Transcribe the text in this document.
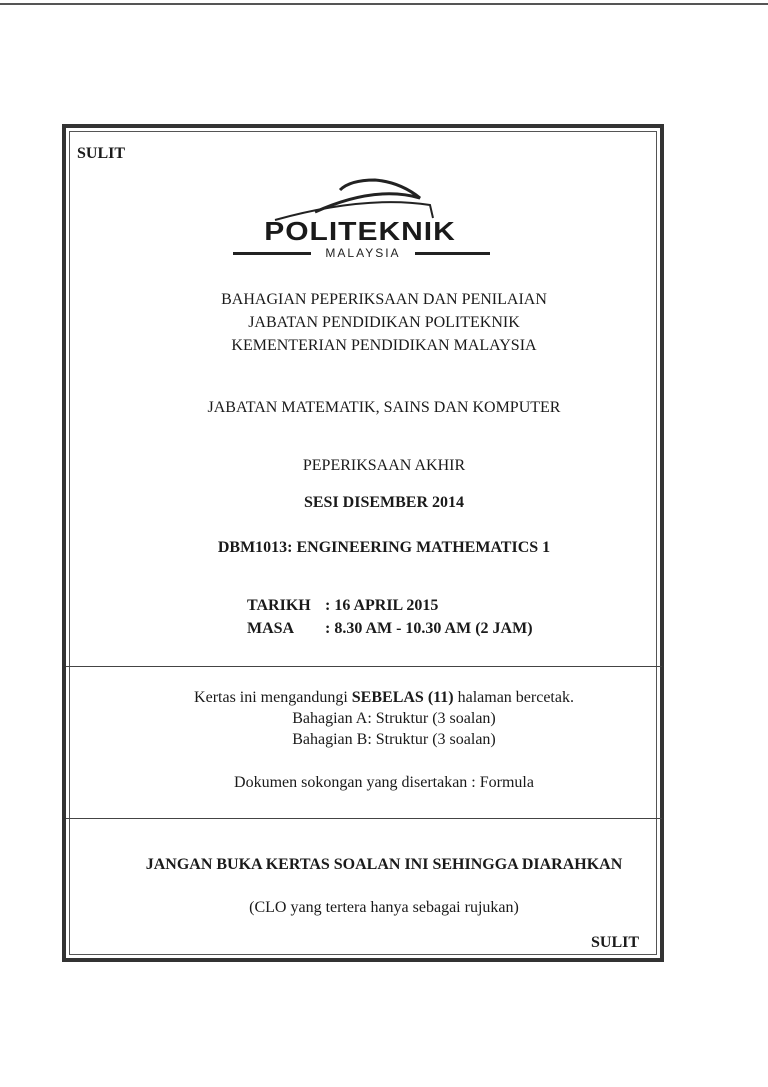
SULIT
POLITEKNIK
MALAYSIA
BAHAGIAN PEPERIKSAAN DAN PENILAIAN
JABATAN PENDIDIKAN POLITEKNIK
KEMENTERIAN PENDIDIKAN MALAYSIA
JABATAN MATEMATIK, SAINS DAN KOMPUTER
PEPERIKSAAN AKHIR
SESI DISEMBER 2014
DBM1013: ENGINEERING MATHEMATICS 1
TARIKH : 16 APRIL 2015
MASA : 8.30 AM - 10.30 AM (2 JAM)
Kertas ini mengandungi SEBELAS (11) halaman bercetak.
Bahagian A: Struktur (3 soalan)
Bahagian B: Struktur (3 soalan)
Dokumen sokongan yang disertakan : Formula
JANGAN BUKA KERTAS SOALAN INI SEHINGGA DIARAHKAN
(CLO yang tertera hanya sebagai rujukan)
SULIT
